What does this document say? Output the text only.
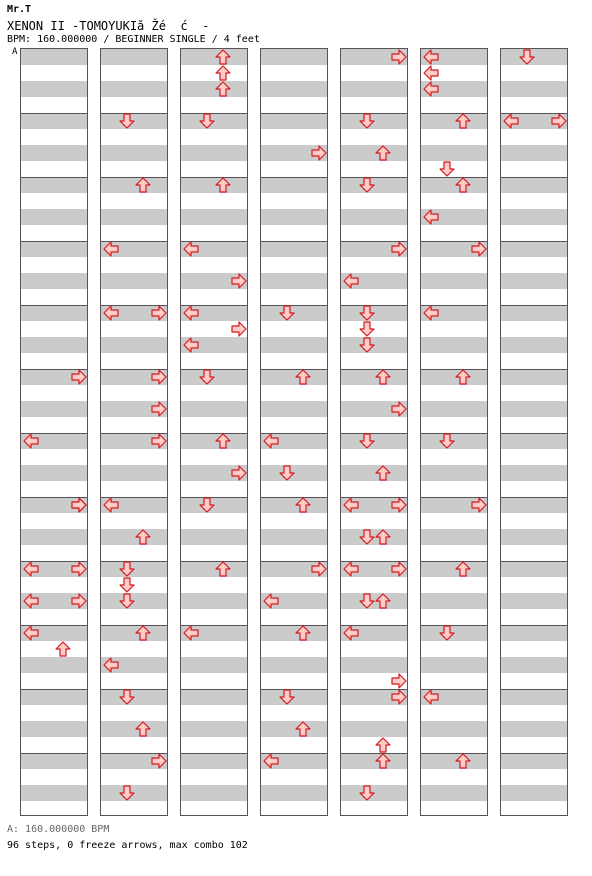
Mr.T
XENON II -TOMOYUKIă Žé  ć  -
BPM: 160.000000 / BEGINNER SINGLE / 4 feet
A
A: 160.000000 BPM
96 steps, 0 freeze arrows, max combo 102
